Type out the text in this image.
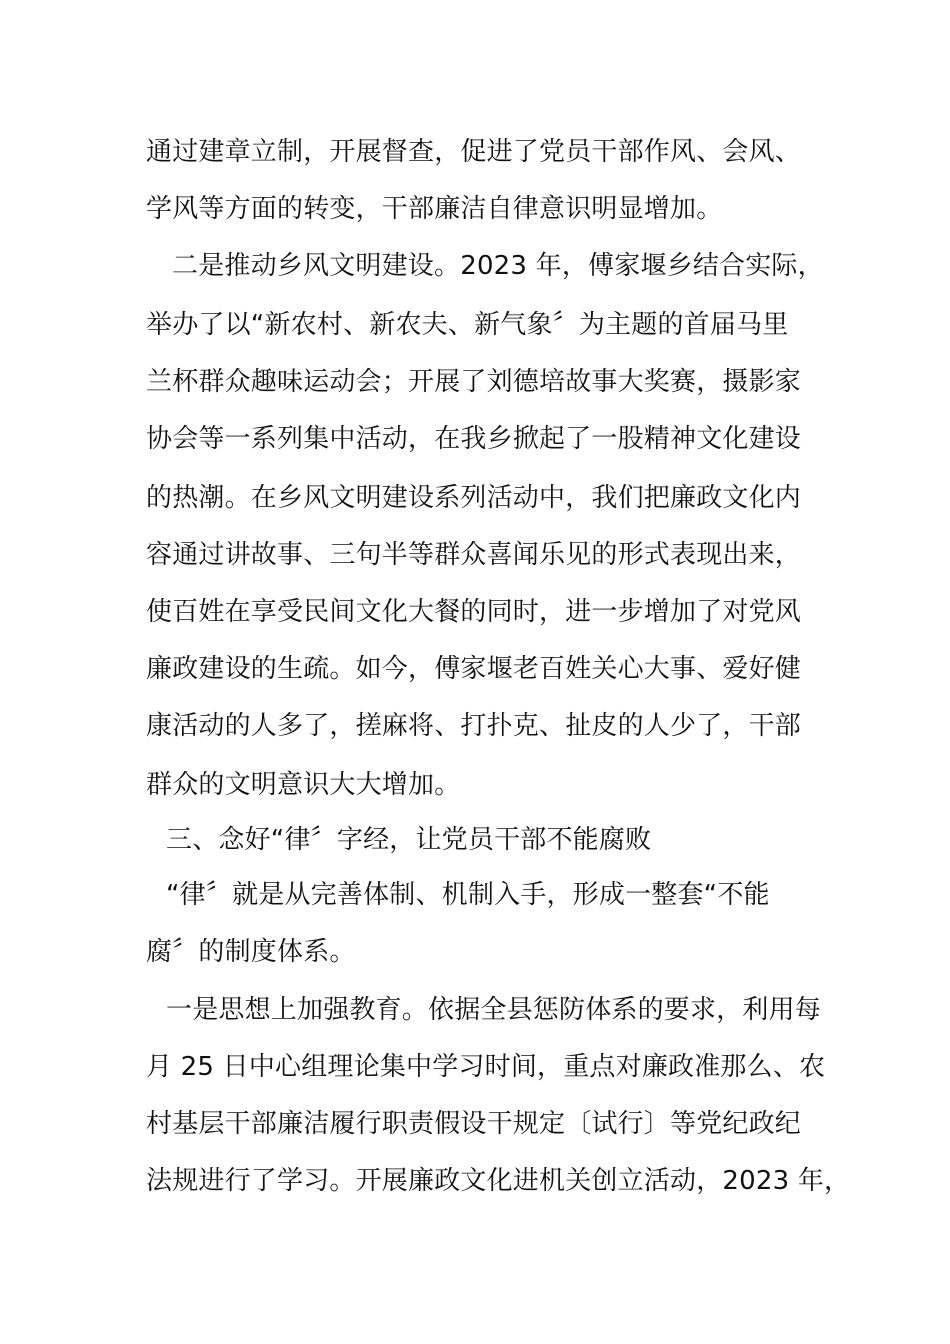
通过建章立制，开展督查，促进了党员干部作风、会风、
学风等方面的转变，干部廉洁自律意识明显增加。
二是推动乡风文明建设。2023 年，傅家堰乡结合实际，
举办了以“新农村、新农夫、新气象〞为主题的首届马里
兰杯群众趣味运动会；开展了刘德培故事大奖赛，摄影家
协会等一系列集中活动，在我乡掀起了一股精神文化建设
的热潮。在乡风文明建设系列活动中，我们把廉政文化内
容通过讲故事、三句半等群众喜闻乐见的形式表现出来，
使百姓在享受民间文化大餐的同时，进一步增加了对党风
廉政建设的生疏。如今，傅家堰老百姓关心大事、爱好健
康活动的人多了，搓麻将、打扑克、扯皮的人少了，干部
群众的文明意识大大增加。
三、念好“律〞字经，让党员干部不能腐败
“律〞就是从完善体制、机制入手，形成一整套“不能
腐〞的制度体系。
一是思想上加强教育。依据全县惩防体系的要求，利用每
月 25 日中心组理论集中学习时间，重点对廉政准那么、农
村基层干部廉洁履行职责假设干规定〔试行〕等党纪政纪
法规进行了学习。开展廉政文化进机关创立活动，2023 年，
